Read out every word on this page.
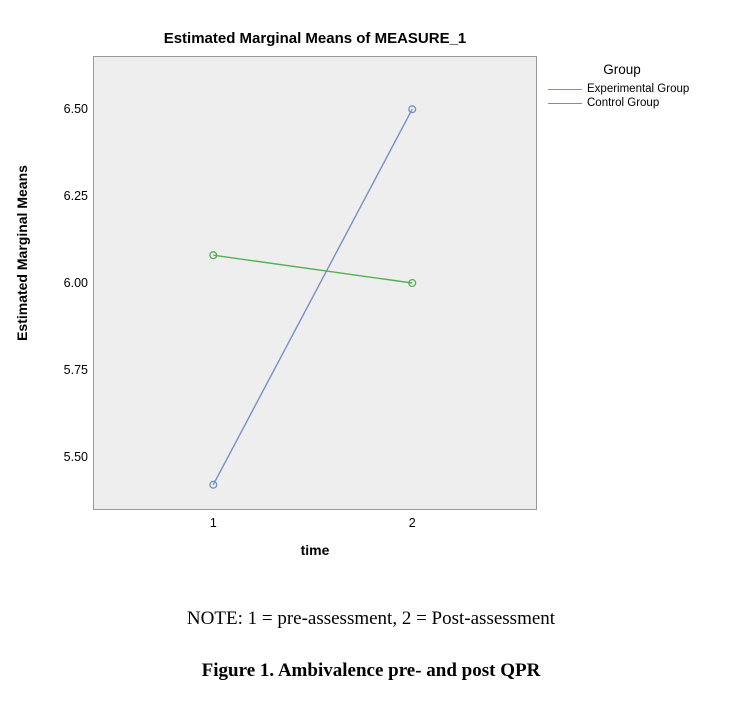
Estimated Marginal Means of MEASURE_1
5.50
5.75
6.00
6.25
6.50
1	2
Estimated Marginal Means
time
Group
Experimental Group
Control Group
NOTE: 1 = pre-assessment, 2 = Post-assessment
Figure 1. Ambivalence pre- and post QPR
